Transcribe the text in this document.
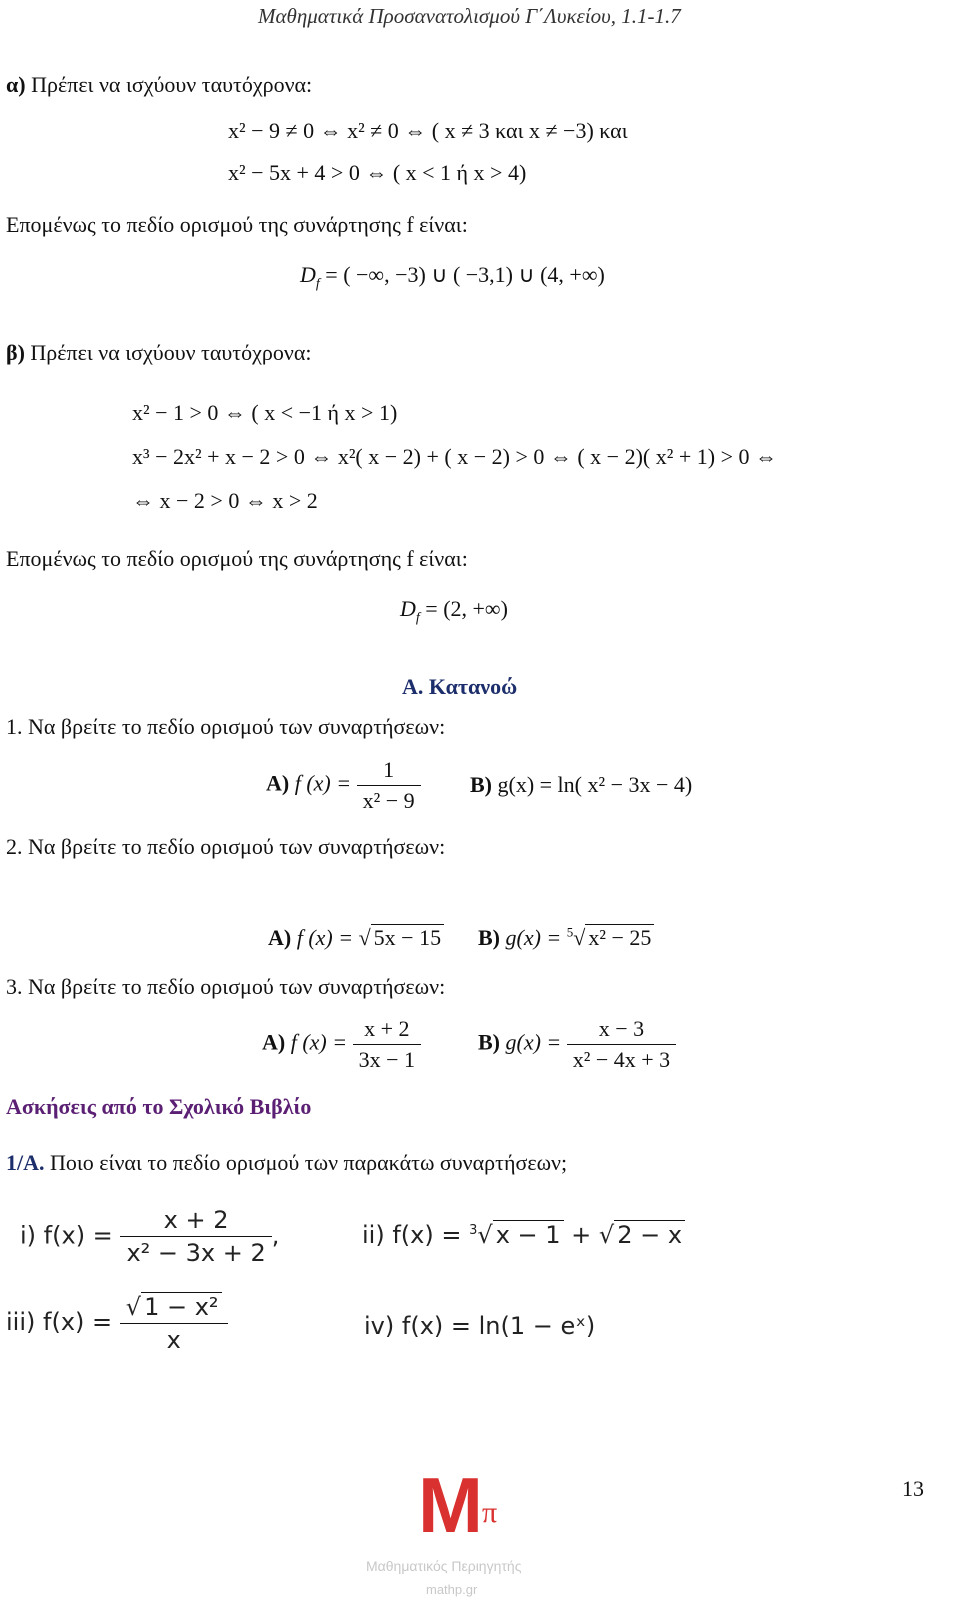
Μαθηματικά Προσανατολισμού Γ΄Λυκείου, 1.1-1.7
α) Πρέπει να ισχύουν ταυτόχρονα:
x² − 9 ≠ 0 ⇔ x² ≠ 0 ⇔ ( x ≠ 3 και x ≠ −3) και
x² − 5x + 4 > 0 ⇔ ( x < 1 ή x > 4)
Επομένως το πεδίο ορισμού της συνάρτησης f είναι:
$D_f$ = ( −∞, −3) ∪ ( −3,1) ∪ (4, +∞)
β) Πρέπει να ισχύουν ταυτόχρονα:
x² − 1 > 0 ⇔ ( x < −1 ή x > 1)
x³ − 2x² + x − 2 > 0 ⇔ x²( x − 2) + ( x − 2) > 0 ⇔ ( x − 2)( x² + 1) > 0 ⇔
⇔ x − 2 > 0 ⇔ x > 2
Επομένως το πεδίο ορισμού της συνάρτησης f είναι:
$D_f = (2$, +∞)
Α. Κατανοώ
1. Να βρείτε το πεδίο ορισμού των συναρτήσεων:
Α) f $(x) = \frac{1}{\text{x² − 9}} B$) g(x) = ln( x² − 3x − 4)
2. Να βρείτε το πεδίο ορισμού των συναρτήσεων:
Α) f (x) = √ 5x − 15 Β) g(x) = $^5$√ x² − 25
3. Να βρείτε το πεδίο ορισμού των συναρτήσεων:
Α) f $(x) = \frac{x + 2}{3x - 1}$	Β) $g(x) = \frac{x - 3}{\text{x² − 4x + 3}}$
Ασκήσεις από το Σχολικό Βιβλίο
1/Α. Ποιο είναι το πεδίο ορισμού των παρακάτω συναρτήσεων;
i) $f(x) = \frac{x + 2}{\text{x² − 3x + 2}}$ ,	ii) f(x) = $^3$√ x − 1 + √ 2 − x
iii) $f(x) = \frac{\text{√ 1 − x²}}{x}$	iv) f(x) = ln(1 − eˣ)
13
Μ π
Μαθηματικός Περιηγητής
mathp.gr
